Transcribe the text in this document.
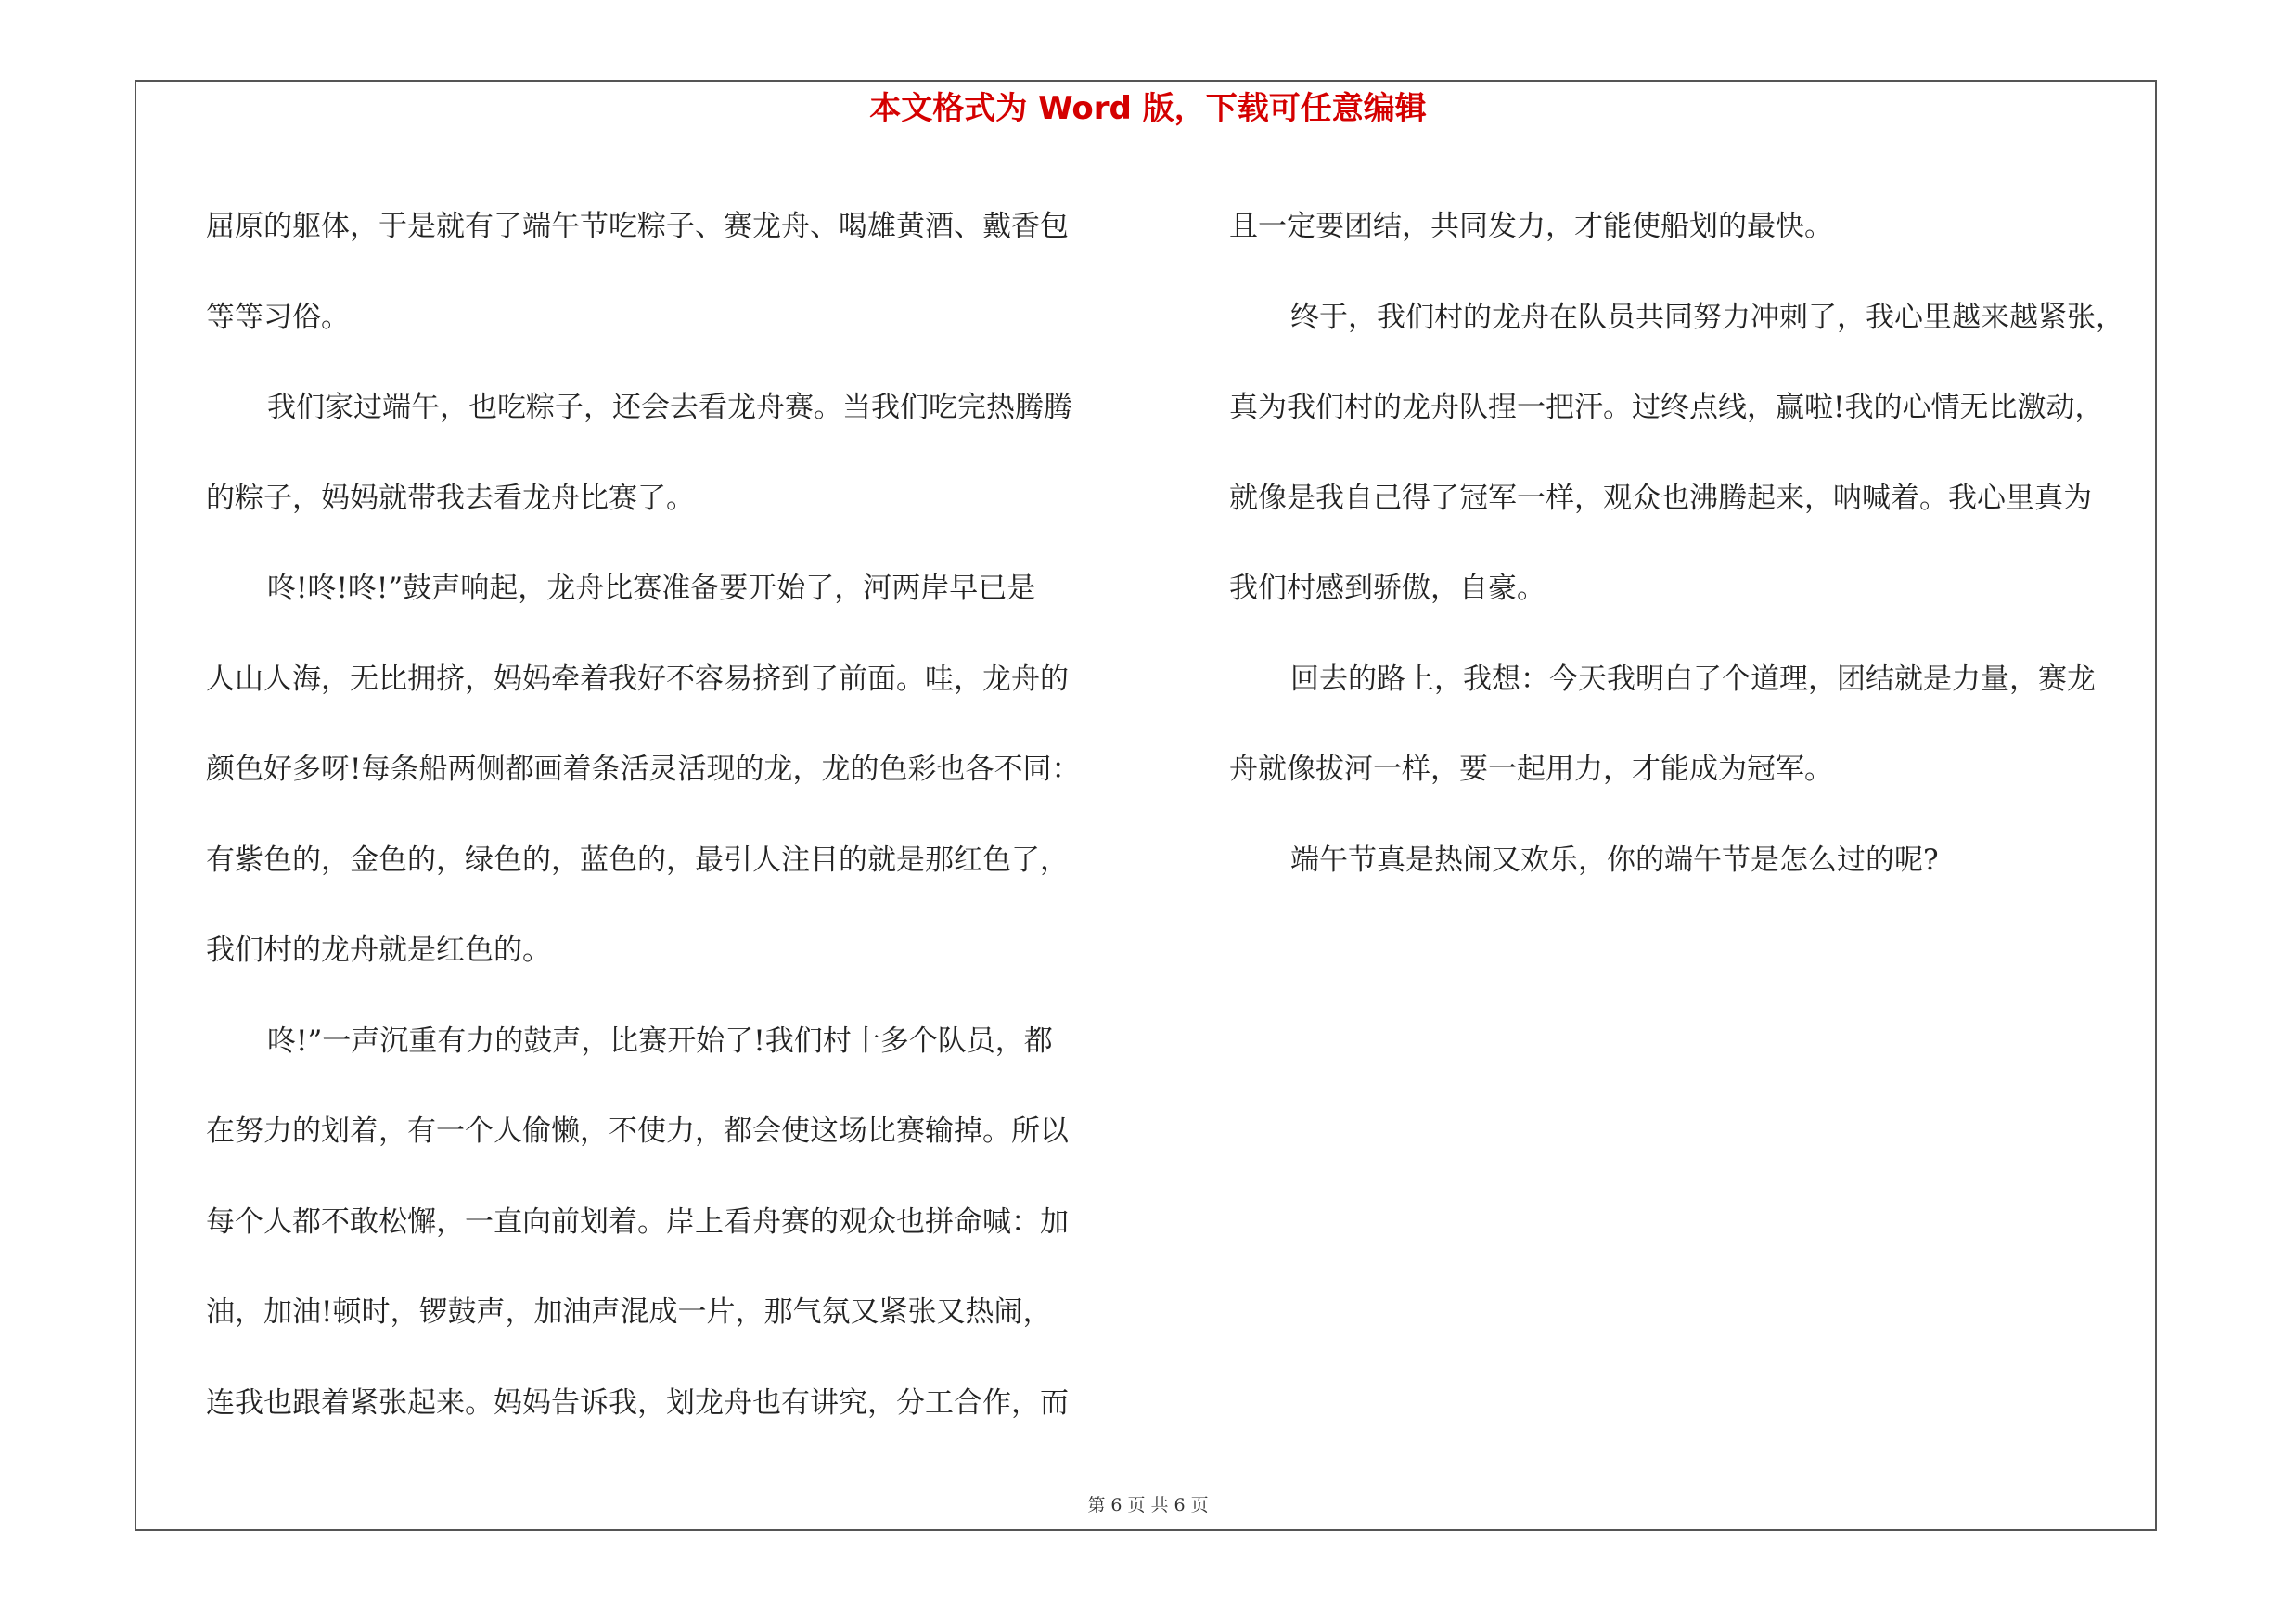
本文格式为 Word 版，下载可任意编辑
屈原的躯体，于是就有了端午节吃粽子、赛龙舟、喝雄黄酒、戴香包
等等习俗。
我们家过端午，也吃粽子，还会去看龙舟赛。当我们吃完热腾腾
的粽子，妈妈就带我去看龙舟比赛了。
咚!咚!咚!”鼓声响起，龙舟比赛准备要开始了，河两岸早已是
人山人海，无比拥挤，妈妈牵着我好不容易挤到了前面。哇，龙舟的
颜色好多呀!每条船两侧都画着条活灵活现的龙，龙的色彩也各不同：
有紫色的，金色的，绿色的，蓝色的，最引人注目的就是那红色了，
我们村的龙舟就是红色的。
咚!”一声沉重有力的鼓声，比赛开始了!我们村十多个队员，都
在努力的划着，有一个人偷懒，不使力，都会使这场比赛输掉。所以
每个人都不敢松懈，一直向前划着。岸上看舟赛的观众也拼命喊：加
油，加油!顿时，锣鼓声，加油声混成一片，那气氛又紧张又热闹，
连我也跟着紧张起来。妈妈告诉我，划龙舟也有讲究，分工合作，而
且一定要团结，共同发力，才能使船划的最快。
终于，我们村的龙舟在队员共同努力冲刺了，我心里越来越紧张，
真为我们村的龙舟队捏一把汗。过终点线，赢啦!我的心情无比激动，
就像是我自己得了冠军一样，观众也沸腾起来，呐喊着。我心里真为
我们村感到骄傲，自豪。
回去的路上，我想：今天我明白了个道理，团结就是力量，赛龙
舟就像拔河一样，要一起用力，才能成为冠军。
端午节真是热闹又欢乐，你的端午节是怎么过的呢?
第 6 页 共 6 页
